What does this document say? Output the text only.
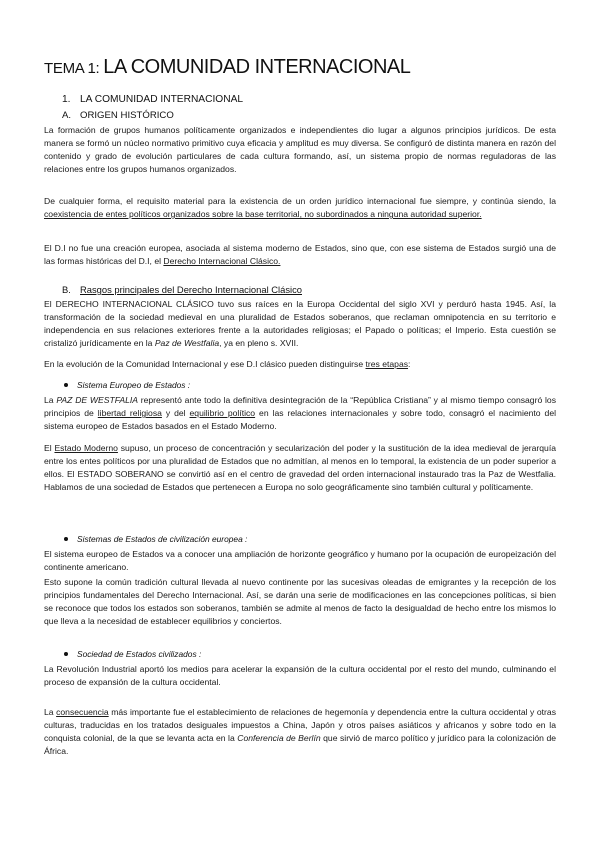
TEMA 1: LA COMUNIDAD INTERNACIONAL
1. LA COMUNIDAD INTERNACIONAL
A. ORIGEN HISTÓRICO
La formación de grupos humanos políticamente organizados e independientes dio lugar a algunos principios jurídicos. De esta manera se formó un núcleo normativo primitivo cuya eficacia y amplitud es muy diversa. Se configuró de distinta manera en razón del contenido y grado de evolución particulares de cada cultura formando, así, un sistema propio de normas reguladoras de las relaciones entre los grupos humanos organizados.
De cualquier forma, el requisito material para la existencia de un orden jurídico internacional fue siempre, y continúa siendo, la coexistencia de entes políticos organizados sobre la base territorial, no subordinados a ninguna autoridad superior.
El D.I no fue una creación europea, asociada al sistema moderno de Estados, sino que, con ese sistema de Estados surgió una de las formas históricas del D.I, el Derecho Internacional Clásico.
B. Rasgos principales del Derecho Internacional Clásico
El DERECHO INTERNACIONAL CLÁSICO tuvo sus raíces en la Europa Occidental del siglo XVI y perduró hasta 1945. Así, la transformación de la sociedad medieval en una pluralidad de Estados soberanos, que reclaman omnipotencia en su territorio e independencia en sus relaciones exteriores frente a la autoridades religiosas; el Papado o políticas; el Imperio. Esta cuestión se cristalizó jurídicamente en la Paz de Westfalia, ya en pleno s. XVII.
En la evolución de la Comunidad Internacional y ese D.I clásico pueden distinguirse tres etapas:
Sistema Europeo de Estados :
La PAZ DE WESTFALIA representó ante todo la definitiva desintegración de la “República Cristiana” y al mismo tiempo consagró los principios de libertad religiosa y del equilibrio político en las relaciones internacionales y sobre todo, consagró el nacimiento del sistema europeo de Estados basados en el Estado Moderno.
El Estado Moderno supuso, un proceso de concentración y secularización del poder y la sustitución de la idea medieval de jerarquía entre los entes políticos por una pluralidad de Estados que no admitían, al menos en lo temporal, la existencia de un poder superior a ellos. El ESTADO SOBERANO se convirtió así en el centro de gravedad del orden internacional instaurado tras la Paz de Westfalia. Hablamos de una sociedad de Estados que pertenecen a Europa no solo geográficamente sino también cultural y políticamente.
Sistemas de Estados de civilización europea :
El sistema europeo de Estados va a conocer una ampliación de horizonte geográfico y humano por la ocupación de europeización del continente americano.
Esto supone la común tradición cultural llevada al nuevo continente por las sucesivas oleadas de emigrantes y la recepción de los principios fundamentales del Derecho Internacional. Así, se darán una serie de modificaciones en las concepciones políticas, si bien se reconoce que todos los estados son soberanos, también se admite al menos de facto la desigualdad de hecho entre los mismos lo que lleva a la necesidad de establecer equilibrios y conciertos.
Sociedad de Estados civilizados :
La Revolución Industrial aportó los medios para acelerar la expansión de la cultura occidental por el resto del mundo, culminando el proceso de expansión de la cultura occidental.
La consecuencia más importante fue el establecimiento de relaciones de hegemonía y dependencia entre la cultura occidental y otras culturas, traducidas en los tratados desiguales impuestos a China, Japón y otros países asiáticos y africanos y sobre todo en la conquista colonial, de la que se levanta acta en la Conferencia de Berlín que sirvió de marco político y jurídico para la colonización de África.
